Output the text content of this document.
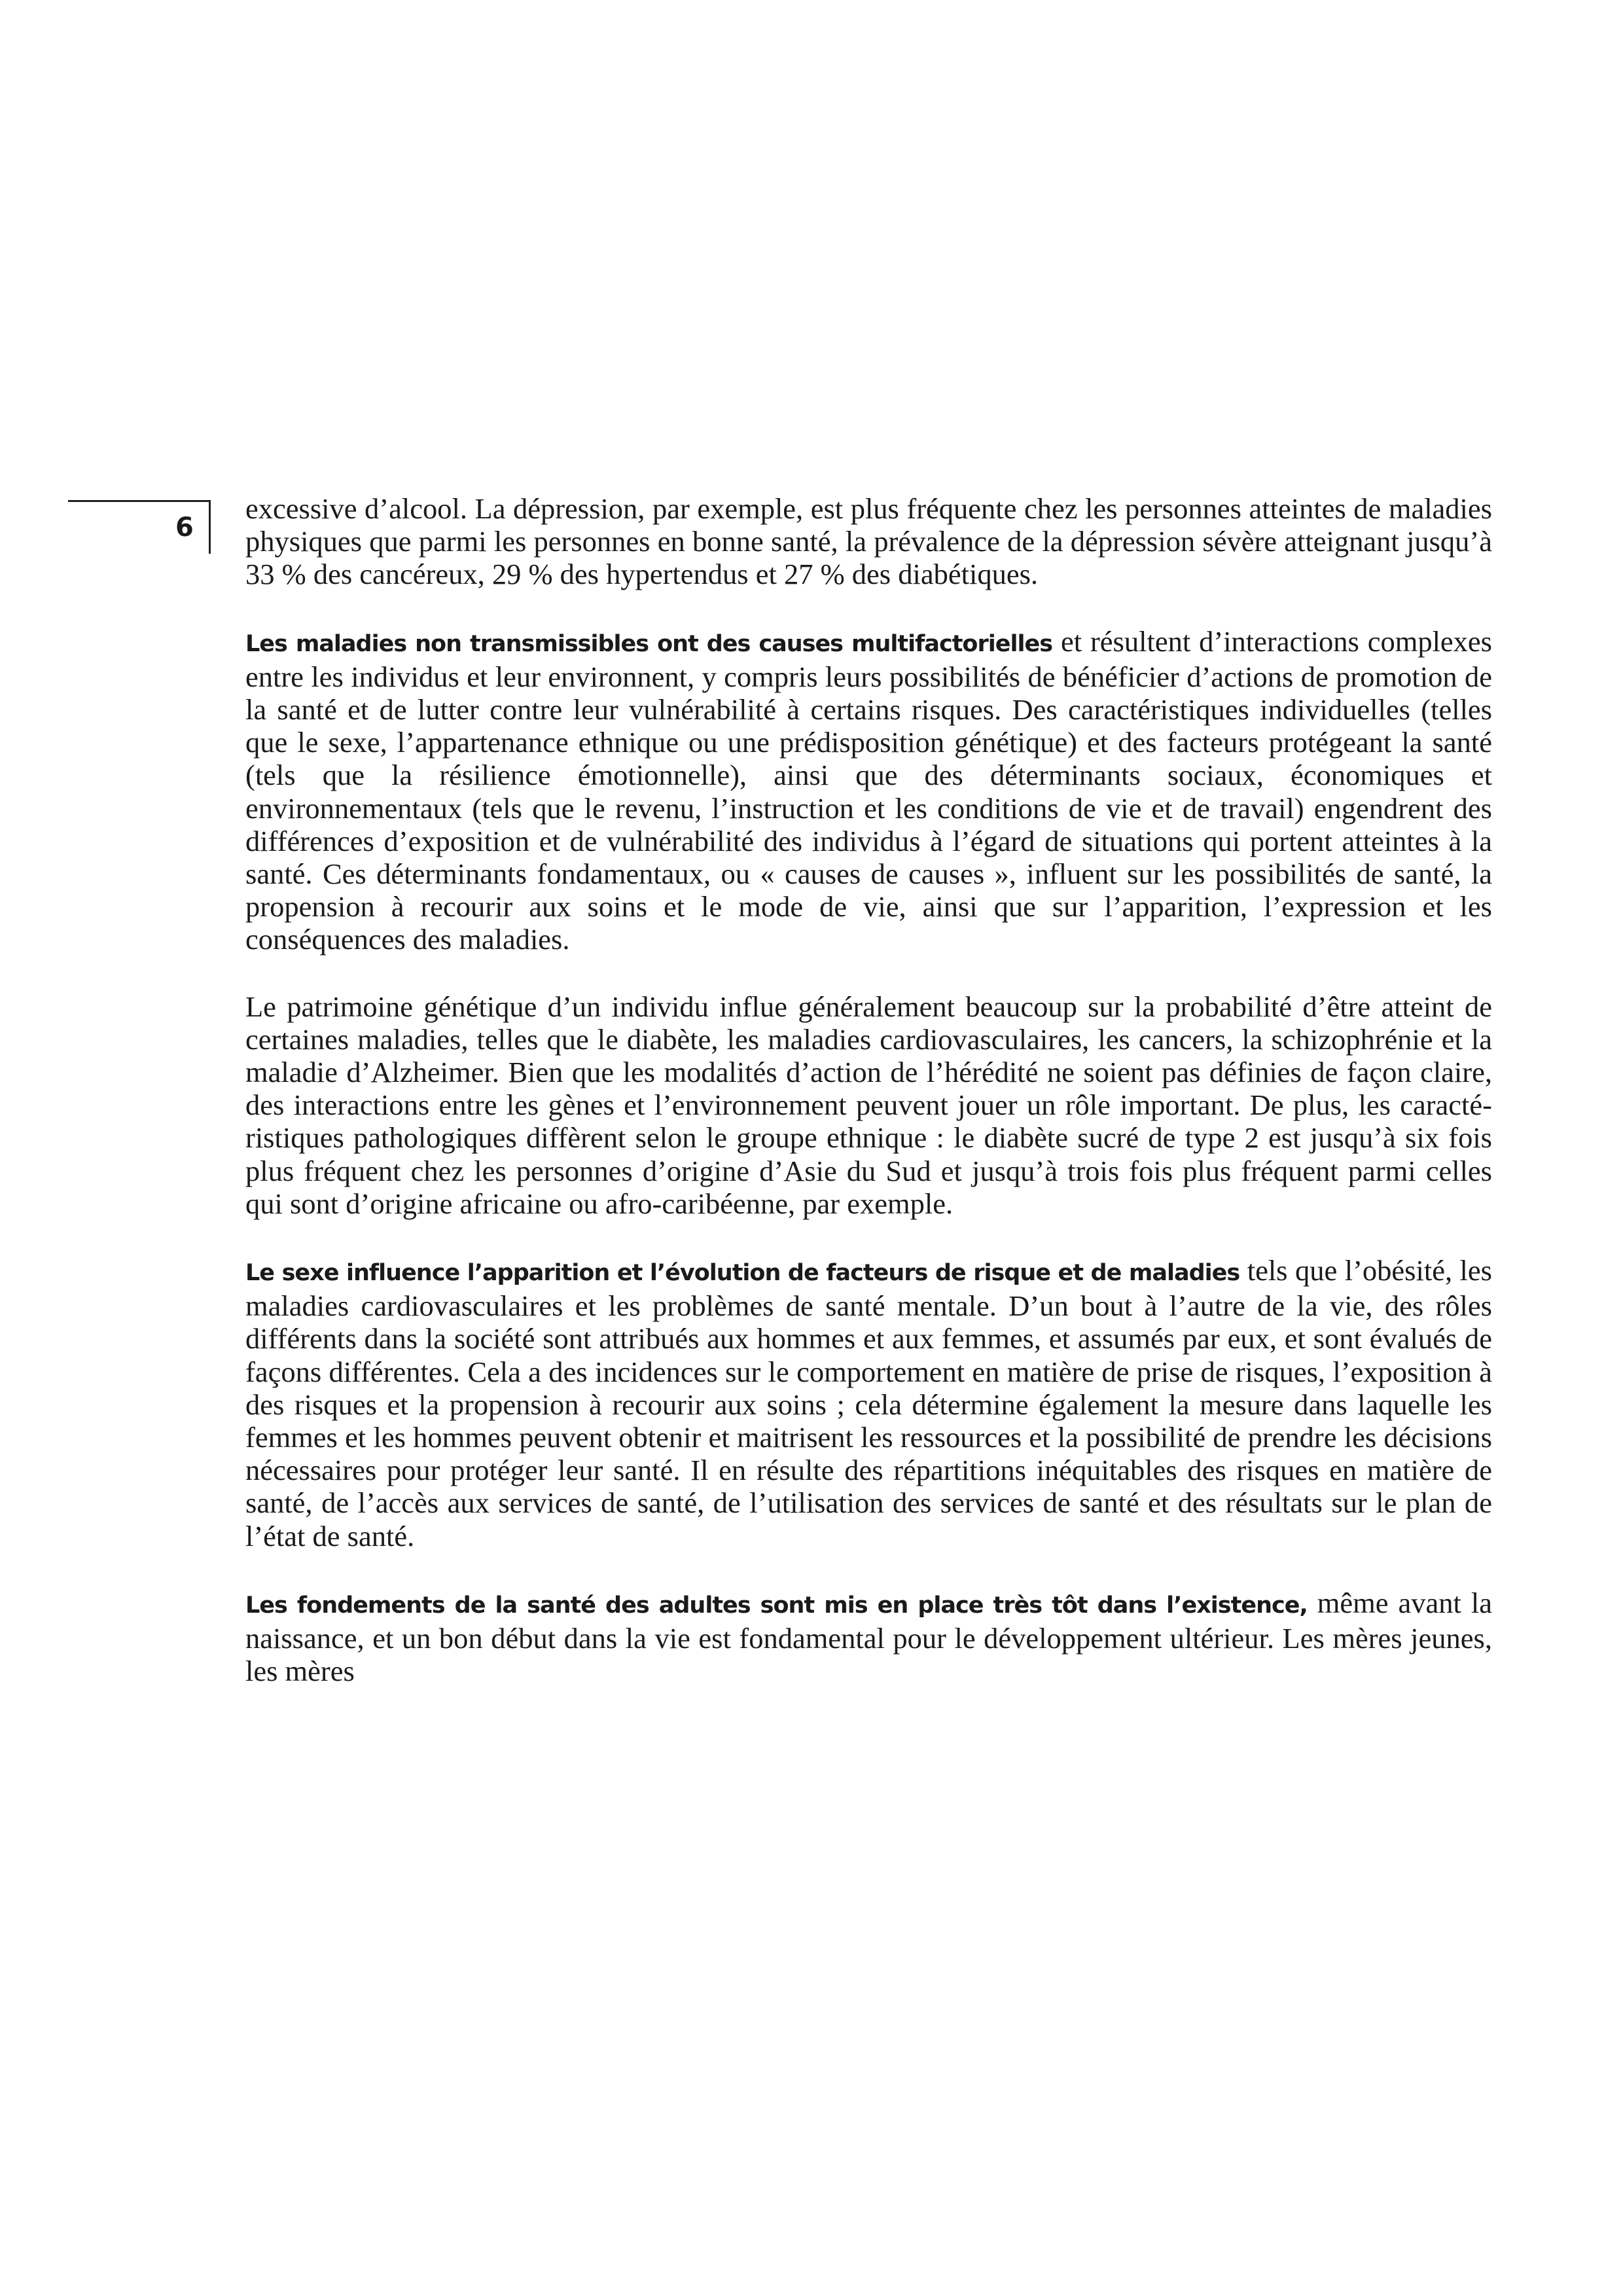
6

excessive d’alcool. La dépression, par exemple, est plus fréquente chez les personnes atteintes de maladies physiques que parmi les personnes en bonne santé, la prévalence de la dépression sévère atteignant jusqu’à 33 % des cancéreux, 29 % des hypertendus et 27 % des diabétiques.

Les maladies non transmissibles ont des causes multifactorielles et résultent d’interactions complexes entre les individus et leur environnent, y compris leurs possibilités de bénéficier d’actions de promotion de la santé et de lutter contre leur vulnérabilité à certains risques. Des caractéristiques individuelles (telles que le sexe, l’appartenance ethnique ou une prédisposition génétique) et des facteurs protégeant la santé (tels que la résilience émotionnelle), ainsi que des déterminants sociaux, économiques et environnementaux (tels que le revenu, l’instruction et les conditions de vie et de travail) engendrent des différences d’exposition et de vulnérabilité des individus à l’égard de situations qui portent atteintes à la santé. Ces déterminants fondamentaux, ou « causes de causes », influent sur les possibilités de santé, la propension à recourir aux soins et le mode de vie, ainsi que sur l’apparition, l’expression et les conséquences des maladies.

Le patrimoine génétique d’un individu influe généralement beaucoup sur la probabilité d’être atteint de certaines maladies, telles que le diabète, les maladies cardiovasculaires, les cancers, la schizophrénie et la maladie d’Alzheimer. Bien que les modalités d’action de l’hérédité ne soient pas définies de façon claire, des interactions entre les gènes et l’environnement peuvent jouer un rôle important. De plus, les caractéristiques pathologiques diffèrent selon le groupe ethnique : le diabète sucré de type 2 est jusqu’à six fois plus fréquent chez les personnes d’origine d’Asie du Sud et jusqu’à trois fois plus fréquent parmi celles qui sont d’origine africaine ou afro-caribéenne, par exemple.

Le sexe influence l’apparition et l’évolution de facteurs de risque et de maladies tels que l’obésité, les maladies cardiovasculaires et les problèmes de santé mentale. D’un bout à l’autre de la vie, des rôles différents dans la société sont attribués aux hommes et aux femmes, et assumés par eux, et sont évalués de façons différentes. Cela a des incidences sur le comportement en matière de prise de risques, l’exposition à des risques et la propension à recourir aux soins ; cela détermine également la mesure dans laquelle les femmes et les hommes peuvent obtenir et maitrisent les ressources et la possibilité de prendre les décisions nécessaires pour protéger leur santé. Il en résulte des répartitions inéquitables des risques en matière de santé, de l’accès aux services de santé, de l’utilisation des services de santé et des résultats sur le plan de l’état de santé.

Les fondements de la santé des adultes sont mis en place très tôt dans l’existence, même avant la naissance, et un bon début dans la vie est fondamental pour le développement ultérieur. Les mères jeunes, les mères
